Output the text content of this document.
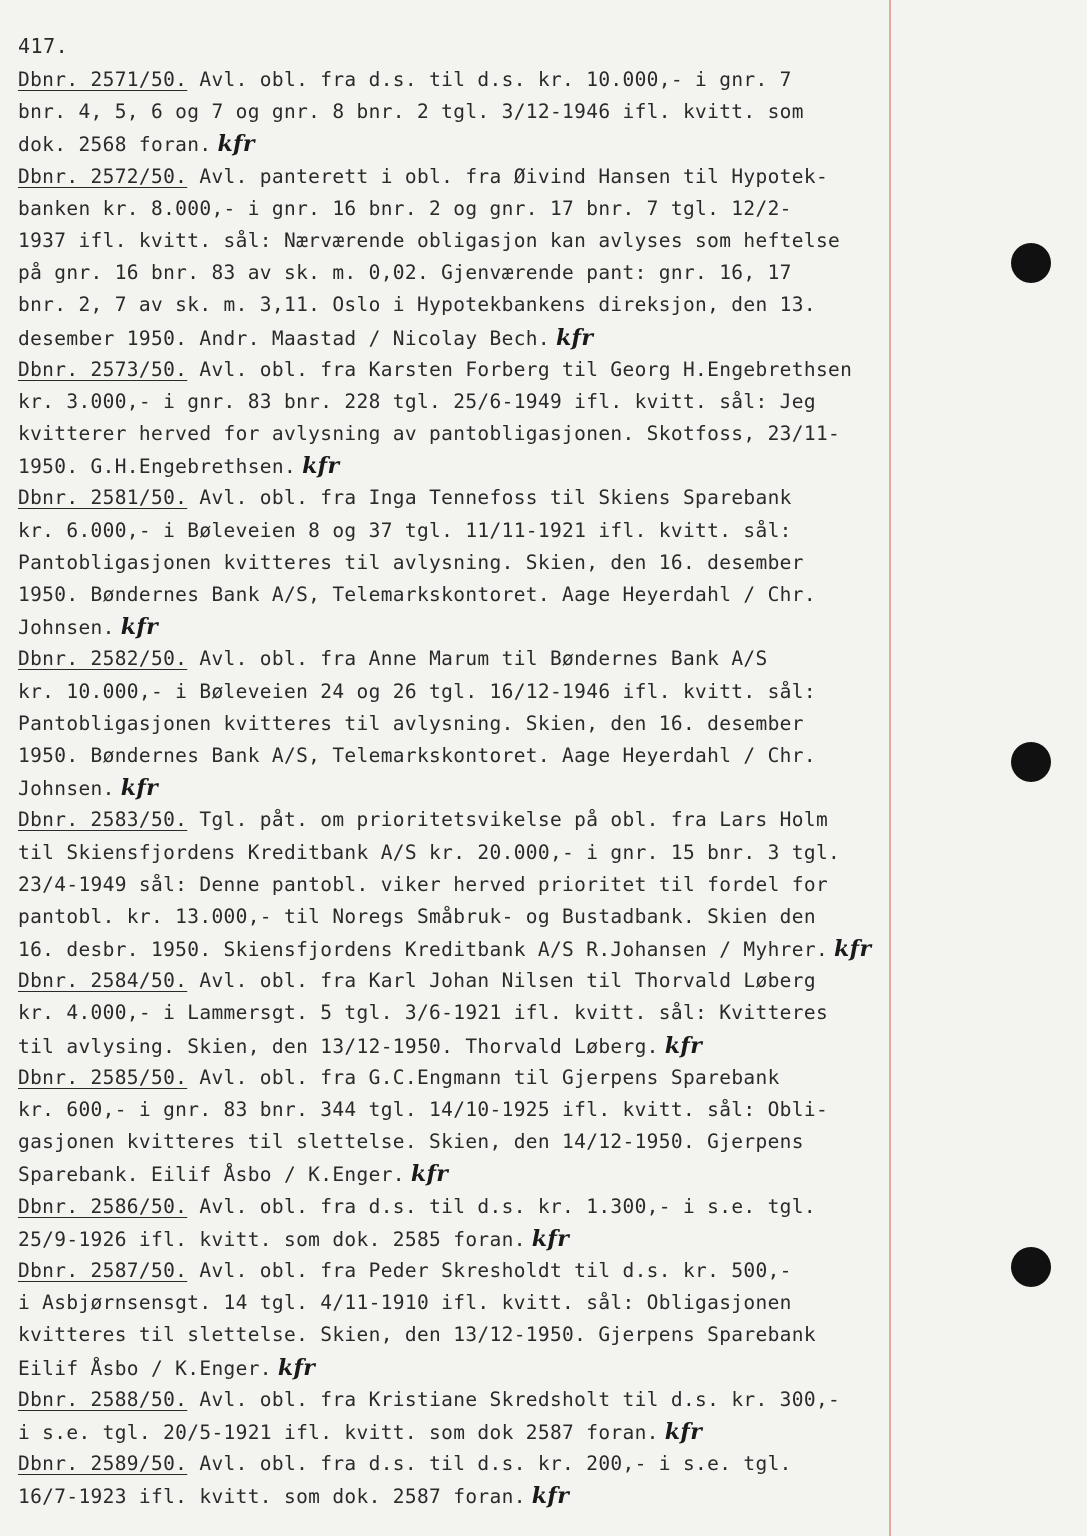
417.
Dbnr. 2571/50. Avl. obl. fra d.s. til d.s. kr. 10.000,- i gnr. 7
bnr. 4, 5, 6 og 7 og gnr. 8 bnr. 2 tgl. 3/12-1946 ifl. kvitt. som
dok. 2568 foran. kfr
Dbnr. 2572/50. Avl. panterett i obl. fra Øivind Hansen til Hypotek-
banken kr. 8.000,- i gnr. 16 bnr. 2 og gnr. 17 bnr. 7 tgl. 12/2-
1937 ifl. kvitt. sål: Nærværende obligasjon kan avlyses som heftelse
på gnr. 16 bnr. 83 av sk. m. 0,02. Gjenværende pant: gnr. 16, 17
bnr. 2, 7 av sk. m. 3,11. Oslo i Hypotekbankens direksjon, den 13.
desember 1950. Andr. Maastad / Nicolay Bech. kfr
Dbnr. 2573/50. Avl. obl. fra Karsten Forberg til Georg H.Engebrethsen
kr. 3.000,- i gnr. 83 bnr. 228 tgl. 25/6-1949 ifl. kvitt. sål: Jeg
kvitterer herved for avlysning av pantobligasjonen. Skotfoss, 23/11-
1950. G.H.Engebrethsen. kfr
Dbnr. 2581/50. Avl. obl. fra Inga Tennefoss til Skiens Sparebank
kr. 6.000,- i Bøleveien 8 og 37 tgl. 11/11-1921 ifl. kvitt. sål:
Pantobligasjonen kvitteres til avlysning. Skien, den 16. desember
1950. Bøndernes Bank A/S, Telemarkskontoret. Aage Heyerdahl / Chr.
Johnsen. kfr
Dbnr. 2582/50. Avl. obl. fra Anne Marum til Bøndernes Bank A/S
kr. 10.000,- i Bøleveien 24 og 26 tgl. 16/12-1946 ifl. kvitt. sål:
Pantobligasjonen kvitteres til avlysning. Skien, den 16. desember
1950. Bøndernes Bank A/S, Telemarkskontoret. Aage Heyerdahl / Chr.
Johnsen. kfr
Dbnr. 2583/50. Tgl. påt. om prioritetsvikelse på obl. fra Lars Holm
til Skiensfjordens Kreditbank A/S kr. 20.000,- i gnr. 15 bnr. 3 tgl.
23/4-1949 sål: Denne pantobl. viker herved prioritet til fordel for
pantobl. kr. 13.000,- til Noregs Småbruk- og Bustadbank. Skien den
16. desbr. 1950. Skiensfjordens Kreditbank A/S R.Johansen / Myhrer. kfr
Dbnr. 2584/50. Avl. obl. fra Karl Johan Nilsen til Thorvald Løberg
kr. 4.000,- i Lammersgt. 5 tgl. 3/6-1921 ifl. kvitt. sål: Kvitteres
til avlysing. Skien, den 13/12-1950. Thorvald Løberg. kfr
Dbnr. 2585/50. Avl. obl. fra G.C.Engmann til Gjerpens Sparebank
kr. 600,- i gnr. 83 bnr. 344 tgl. 14/10-1925 ifl. kvitt. sål: Obli-
gasjonen kvitteres til slettelse. Skien, den 14/12-1950. Gjerpens
Sparebank. Eilif Åsbo / K.Enger. kfr
Dbnr. 2586/50. Avl. obl. fra d.s. til d.s. kr. 1.300,- i s.e. tgl.
25/9-1926 ifl. kvitt. som dok. 2585 foran. kfr
Dbnr. 2587/50. Avl. obl. fra Peder Skresholdt til d.s. kr. 500,-
i Asbjørnsensgt. 14 tgl. 4/11-1910 ifl. kvitt. sål: Obligasjonen
kvitteres til slettelse. Skien, den 13/12-1950. Gjerpens Sparebank
Eilif Åsbo / K.Enger. kfr
Dbnr. 2588/50. Avl. obl. fra Kristiane Skredsholt til d.s. kr. 300,-
i s.e. tgl. 20/5-1921 ifl. kvitt. som dok 2587 foran. kfr
Dbnr. 2589/50. Avl. obl. fra d.s. til d.s. kr. 200,- i s.e. tgl.
16/7-1923 ifl. kvitt. som dok. 2587 foran. kfr
